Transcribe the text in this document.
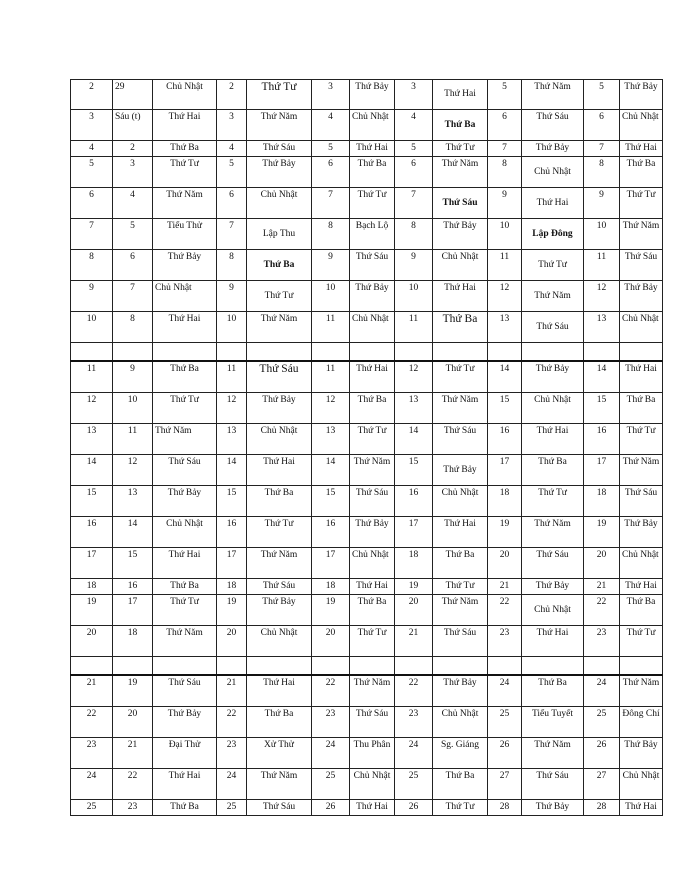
2	29	Chủ Nhật	2	Thứ Tư	3	Thứ Bảy	3	Thứ Hai	5	Thứ Năm	5	Thứ Bảy
3	Sáu (t)	Thứ Hai	3	Thứ Năm	4	Chủ Nhật	4	Thứ Ba	6	Thứ Sáu	6	Chủ Nhật
4	2	Thứ Ba	4	Thứ Sáu	5	Thứ Hai	5	Thứ Tư	7	Thứ Bảy	7	Thứ Hai
5	3	Thứ Tư	5	Thứ Bảy	6	Thứ Ba	6	Thứ Năm	8	Chủ Nhật	8	Thứ Ba
6	4	Thứ Năm	6	Chủ Nhật	7	Thứ Tư	7	Thứ Sáu	9	Thứ Hai	9	Thứ Tư
7	5	Tiểu Thử	7	Lập Thu	8	Bạch Lộ	8	Thứ Bảy	10	Lập Đông	10	Thứ Năm
8	6	Thứ Bảy	8	Thứ Ba	9	Thứ Sáu	9	Chủ Nhật	11	Thứ Tư	11	Thứ Sáu
9	7	Chủ Nhật	9	Thứ Tư	10	Thứ Bảy	10	Thứ Hai	12	Thứ Năm	12	Thứ Bảy
10	8	Thứ Hai	10	Thứ Năm	11	Chủ Nhật	11	Thứ Ba	13	Thứ Sáu	13	Chủ Nhật

11	9	Thứ Ba	11	Thứ Sáu	11	Thứ Hai	12	Thứ Tư	14	Thứ Bảy	14	Thứ Hai
12	10	Thứ Tư	12	Thứ Bảy	12	Thứ Ba	13	Thứ Năm	15	Chủ Nhật	15	Thứ Ba
13	11	Thứ Năm	13	Chủ Nhật	13	Thứ Tư	14	Thứ Sáu	16	Thứ Hai	16	Thứ Tư
14	12	Thứ Sáu	14	Thứ Hai	14	Thứ Năm	15	Thứ Bảy	17	Thứ Ba	17	Thứ Năm
15	13	Thứ Bảy	15	Thứ Ba	15	Thứ Sáu	16	Chủ Nhật	18	Thứ Tư	18	Thứ Sáu
16	14	Chủ Nhật	16	Thứ Tư	16	Thứ Bảy	17	Thứ Hai	19	Thứ Năm	19	Thứ Bảy
17	15	Thứ Hai	17	Thứ Năm	17	Chủ Nhật	18	Thứ Ba	20	Thứ Sáu	20	Chủ Nhật
18	16	Thứ Ba	18	Thứ Sáu	18	Thứ Hai	19	Thứ Tư	21	Thứ Bảy	21	Thứ Hai
19	17	Thứ Tư	19	Thứ Bảy	19	Thứ Ba	20	Thứ Năm	22	Chủ Nhật	22	Thứ Ba
20	18	Thứ Năm	20	Chủ Nhật	20	Thứ Tư	21	Thứ Sáu	23	Thứ Hai	23	Thứ Tư

21	19	Thứ Sáu	21	Thứ Hai	22	Thứ Năm	22	Thứ Bảy	24	Thứ Ba	24	Thứ Năm
22	20	Thứ Bảy	22	Thứ Ba	23	Thứ Sáu	23	Chủ Nhật	25	Tiểu Tuyết	25	Đông Chí
23	21	Đại Thử	23	Xử Thử	24	Thu Phân	24	Sg. Giáng	26	Thứ Năm	26	Thứ Bảy
24	22	Thứ Hai	24	Thứ Năm	25	Chủ Nhật	25	Thứ Ba	27	Thứ Sáu	27	Chủ Nhật
25	23	Thứ Ba	25	Thứ Sáu	26	Thứ Hai	26	Thứ Tư	28	Thứ Bảy	28	Thứ Hai
